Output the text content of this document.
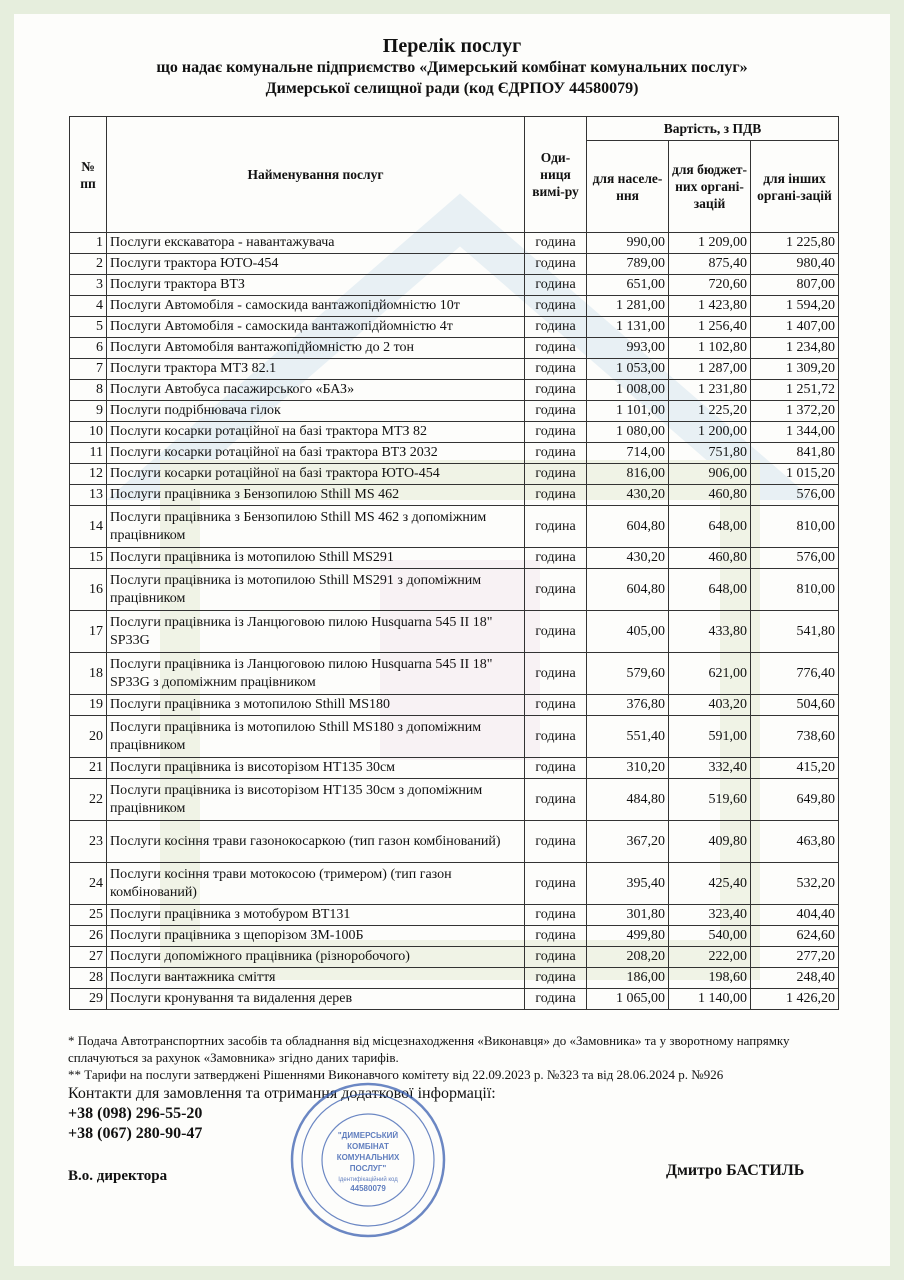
Перелік послуг
що надає комунальне підприємство «Димерський комбінат комунальних послуг»
Димерської селищної ради (код ЄДРПОУ 44580079)
№ пп	Найменування послуг	Оди-ниця вимі-ру	Вартість, з ПДВ		
			для населе-ння	для бюджет-них органі-зацій	для інших органі-зацій
1	Послуги екскаватора - навантажувача	година	990,00	1 209,00	1 225,80
2	Послуги трактора ЮТО-454	година	789,00	875,40	980,40
3	Послуги трактора ВТЗ	година	651,00	720,60	807,00
4	Послуги Автомобіля - самоскида вантажопідйомністю 10т	година	1 281,00	1 423,80	1 594,20
5	Послуги Автомобіля - самоскида вантажопідйомністю 4т	година	1 131,00	1 256,40	1 407,00
6	Послуги Автомобіля вантажопідйомністю до 2 тон	година	993,00	1 102,80	1 234,80
7	Послуги трактора МТЗ 82.1	година	1 053,00	1 287,00	1 309,20
8	Послуги Автобуса пасажирського «БАЗ»	година	1 008,00	1 231,80	1 251,72
9	Послуги подрібнювача гілок	година	1 101,00	1 225,20	1 372,20
10	Послуги косарки ротаційної на базі трактора МТЗ 82	година	1 080,00	1 200,00	1 344,00
11	Послуги косарки ротаційної на базі трактора ВТЗ 2032	година	714,00	751,80	841,80
12	Послуги косарки ротаційної на базі трактора ЮТО-454	година	816,00	906,00	1 015,20
13	Послуги працівника з Бензопилою Sthill MS 462	година	430,20	460,80	576,00
14	Послуги працівника з Бензопилою Sthill MS 462 з допоміжним працівником	година	604,80	648,00	810,00
15	Послуги працівника із мотопилою Sthill MS291	година	430,20	460,80	576,00
16	Послуги працівника із мотопилою Sthill MS291 з допоміжним працівником	година	604,80	648,00	810,00
17	Послуги працівника із Ланцюговою пилою Husquarna 545 II 18" SP33G	година	405,00	433,80	541,80
18	Послуги працівника із Ланцюговою пилою Husquarna 545 II 18" SP33G з допоміжним працівником	година	579,60	621,00	776,40
19	Послуги працівника з мотопилою Sthill MS180	година	376,80	403,20	504,60
20	Послуги працівника із мотопилою Sthill MS180 з допоміжним працівником	година	551,40	591,00	738,60
21	Послуги працівника із висоторізом НТ135 30см	година	310,20	332,40	415,20
22	Послуги працівника із висоторізом НТ135 30см з допоміжним працівником	година	484,80	519,60	649,80
23	Послуги косіння трави газонокосаркою (тип газон комбінований)	година	367,20	409,80	463,80
24	Послуги косіння трави мотокосою (тримером) (тип газон комбінований)	година	395,40	425,40	532,20
25	Послуги працівника з мотобуром ВТ131	година	301,80	323,40	404,40
26	Послуги працівника з щепорізом ЗМ-100Б	година	499,80	540,00	624,60
27	Послуги допоміжного працівника (різноробочого)	година	208,20	222,00	277,20
28	Послуги вантажника сміття	година	186,00	198,60	248,40
29	Послуги кронування та видалення дерев	година	1 065,00	1 140,00	1 426,20
* Подача Автотранспортних засобів та обладнання від місцезнаходження «Виконавця» до «Замовника» та у зворотному напрямку сплачуються за рахунок «Замовника» згідно даних тарифів.
** Тарифи на послуги затверджені Рішеннями Виконавчого комітету від 22.09.2023 р. №323 та від 28.06.2024 р. №926
Контакти для замовлення та отримання додаткової інформації:
+38 (098) 296-55-20
+38 (067) 280-90-47
В.о. директора	Дмитро БАСТИЛЬ
"ДИМЕРСЬКИЙ
КОМБІНАТ
КОМУНАЛЬНИХ
ПОСЛУГ"
Ідентифікаційний код
44580079
